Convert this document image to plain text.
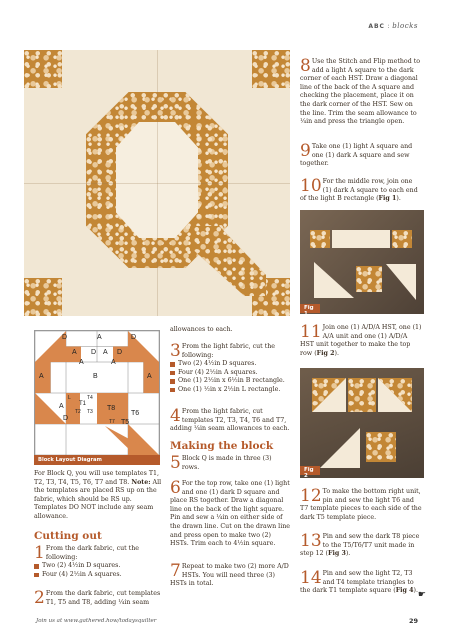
ABC : blocks
D	A	D
A D A D
A	A
A	B	A
L
T1
T4
T2 T3
A	T8
T6
D	T7 T5
Block Layout Diagram
For Block Q, you will use templates T1, T2, T3, T4, T5, T6, T7 and T8. Note: All the templates are placed RS up on the fabric, which should be RS up. Templates DO NOT include any seam allowance.
Cutting out
1 From the dark fabric, cut the following:
Two (2) 4½in D squares.
Four (4) 2½in A squares.
2 From the dark fabric, cut templates T1, T5 and T8, adding ¼in seam
allowances to each.
3 From the light fabric, cut the following:
Two (2) 4½in D squares.
Four (4) 2½in A squares.
One (1) 2½in x 6½in B rectangle.
One (1) ½in x 2½in L rectangle.
4 From the light fabric, cut templates T2, T3, T4, T6 and T7, adding ¼in seam allowances to each.
Making the block
5 Block Q is made in three (3) rows.
6 For the top row, take one (1) light and one (1) dark D square and place RS together. Draw a diagonal line on the back of the light square. Pin and sew a ¼in on either side of the drawn line. Cut on the drawn line and press open to make two (2) HSTs. Trim each to 4½in square.
7 Repeat to make two (2) more A/D HSTs. You will need three (3) HSTs in total.
8 Use the Stitch and Flip method to add a light A square to the dark corner of each HST. Draw a diagonal line of the back of the A square and checking the placement, place it on the dark corner of the HST. Sew on the line. Trim the seam allowance to ¼in and press the triangle open.
9 Take one (1) light A square and one (1) dark A square and sew together.
10 For the middle row, join one (1) dark A square to each end of the light B rectangle (Fig 1).
Fig 1
11 Join one (1) A/D/A HST, one (1) A/A unit and one (1) A/D/A HST unit together to make the top row (Fig 2).
Fig 2
12 To make the bottom right unit, pin and sew the light T6 and T7 template pieces to each side of the dark T5 template piece.
13 Pin and sew the dark T8 piece to the T5/T6/T7 unit made in step 12 (Fig 3).
14 Pin and sew the light T2, T3 and T4 template triangles to the dark T1 template square (Fig 4). ☛
Join us at www.gathered.how/todaysquilter	29
